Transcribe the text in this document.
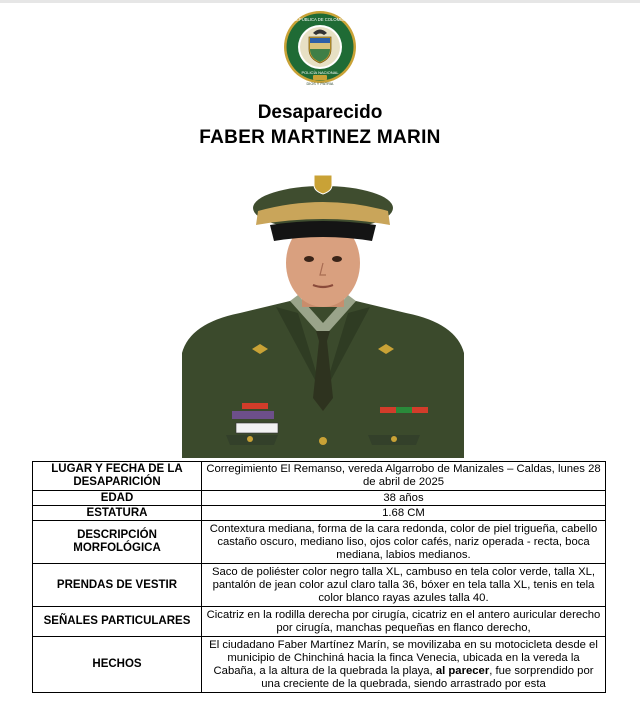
REPÚBLICA DE COLOMBIA
POLICÍA NACIONAL
DIOS Y PATRIA
Desaparecido
FABER MARTINEZ MARIN
LUGAR Y FECHA DE LA DESAPARICIÓN	Corregimiento El Remanso, vereda Algarrobo de Manizales – Caldas, lunes 28 de abril de 2025
EDAD	38 años
ESTATURA	1.68 CM
DESCRIPCIÓN MORFOLÓGICA	Contextura mediana, forma de la cara redonda, color de piel trigueña, cabello castaño oscuro, mediano liso, ojos color cafés, nariz operada - recta, boca mediana, labios medianos.
PRENDAS DE VESTIR	Saco de poliéster color negro talla XL, cambuso en tela color verde, talla XL, pantalón de jean color azul claro talla 36, bóxer en tela talla XL, tenis en tela color blanco rayas azules talla 40.
SEÑALES PARTICULARES	Cicatriz en la rodilla derecha por cirugía, cicatriz en el antero auricular derecho por cirugía, manchas pequeñas en flanco derecho,
HECHOS	El ciudadano Faber Martínez Marín, se movilizaba en su motocicleta desde el municipio de Chinchiná hacia la finca Venecia, ubicada en la vereda la Cabaña, a la altura de la quebrada la playa, al parecer, fue sorprendido por una creciente de la quebrada, siendo arrastrado por esta
